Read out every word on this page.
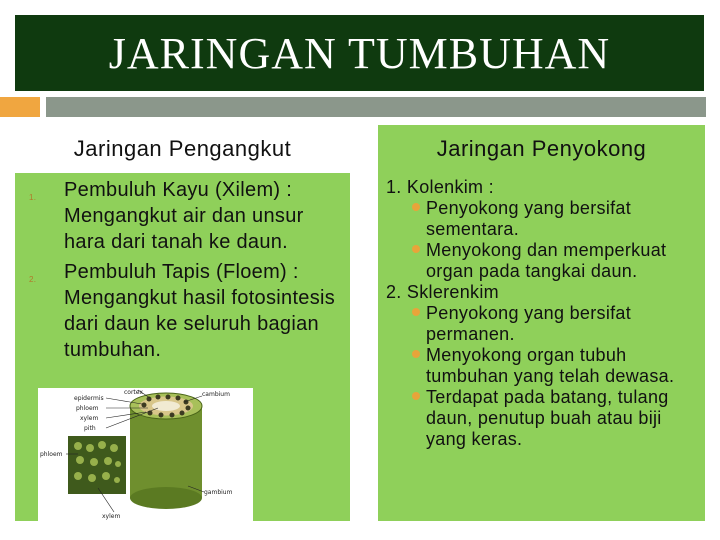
JARINGAN TUMBUHAN
Jaringan Pengangkut
1. Pembuluh Kayu (Xilem) : Mengangkut air dan unsur hara dari tanah ke daun.
2. Pembuluh Tapis (Floem) : Mengangkut hasil fotosintesis dari daun ke seluruh bagian tumbuhan.
cortex
epidermis
phloem
xylem
pith
cambium
phloem
gambium
xylem
Jaringan Penyokong
1. Kolenkim :
Penyokong yang bersifat sementara.
Menyokong dan memperkuat organ pada tangkai daun.
2. Sklerenkim
Penyokong yang bersifat permanen.
Menyokong organ tubuh tumbuhan yang telah dewasa.
Terdapat pada batang, tulang daun, penutup buah atau biji yang keras.
